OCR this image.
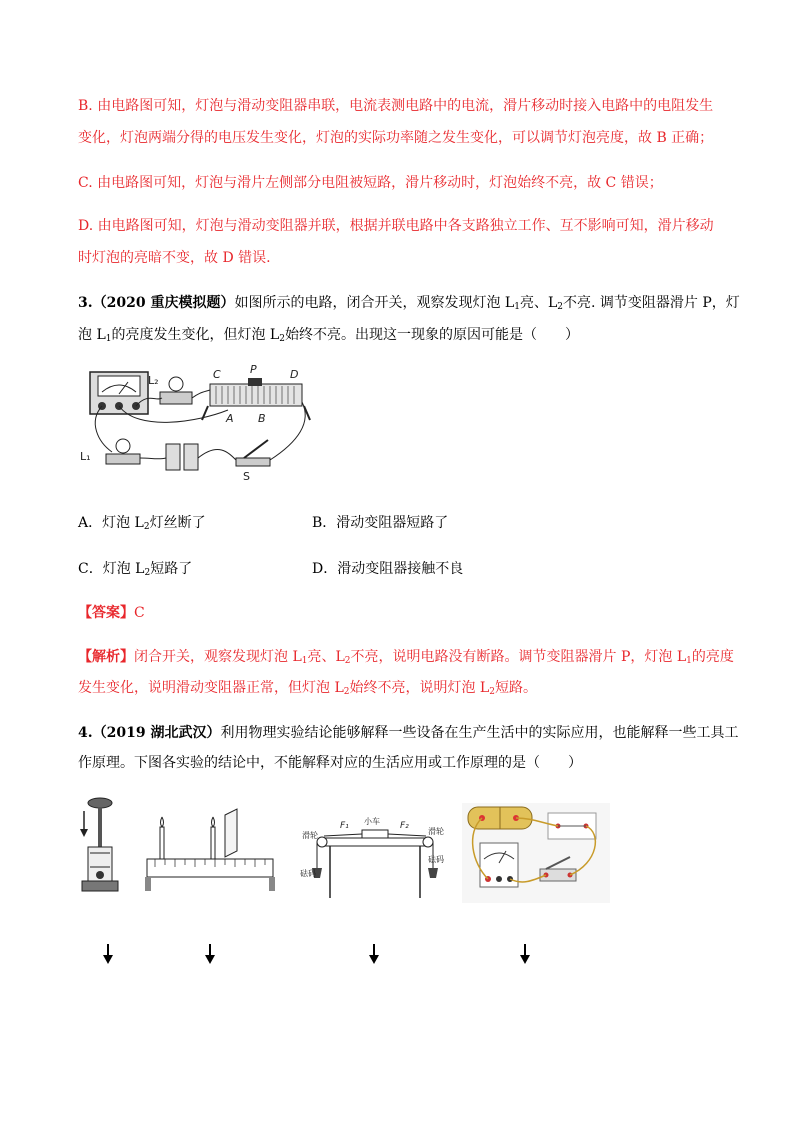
B. 由电路图可知，灯泡与滑动变阻器串联，电流表测电路中的电流，滑片移动时接入电路中的电阻发生
变化，灯泡两端分得的电压发生变化，灯泡的实际功率随之发生变化，可以调节灯泡亮度，故 B 正确；
C. 由电路图可知，灯泡与滑片左侧部分电阻被短路，滑片移动时，灯泡始终不亮，故 C 错误；
D. 由电路图可知，灯泡与滑动变阻器并联，根据并联电路中各支路独立工作、互不影响可知，滑片移动
时灯泡的亮暗不变，故 D 错误.
3.（2020 重庆模拟题）如图所示的电路，闭合开关，观察发现灯泡 $L_1$亮、$L_2$不亮. 调节变阻器滑片 P，灯
泡 $L_1$的亮度发生变化，但灯泡 $L_2$始终不亮。出现这一现象的原因可能是（　　）
L₂	C	P	D
A B
L₁
S
A．灯泡 $L_2$灯丝断了	B．滑动变阻器短路了
C．灯泡 $L_2$短路了	D．滑动变阻器接触不良
【答案】C
【解析】闭合开关，观察发现灯泡 $L_1$亮、$L_2$不亮，说明电路没有断路。调节变阻器滑片 P，灯泡 $L_1$的亮度
发生变化，说明滑动变阻器正常，但灯泡 $L_2$始终不亮，说明灯泡 $L_2$短路。
4.（2019 湖北武汉）利用物理实验结论能够解释一些设备在生产生活中的实际应用，也能解释一些工具工
作原理。下图各实验的结论中，不能解释对应的生活应用或工作原理的是（　　）
滑轮	滑轮
F₁	F₂
小车
砝码
砝码
